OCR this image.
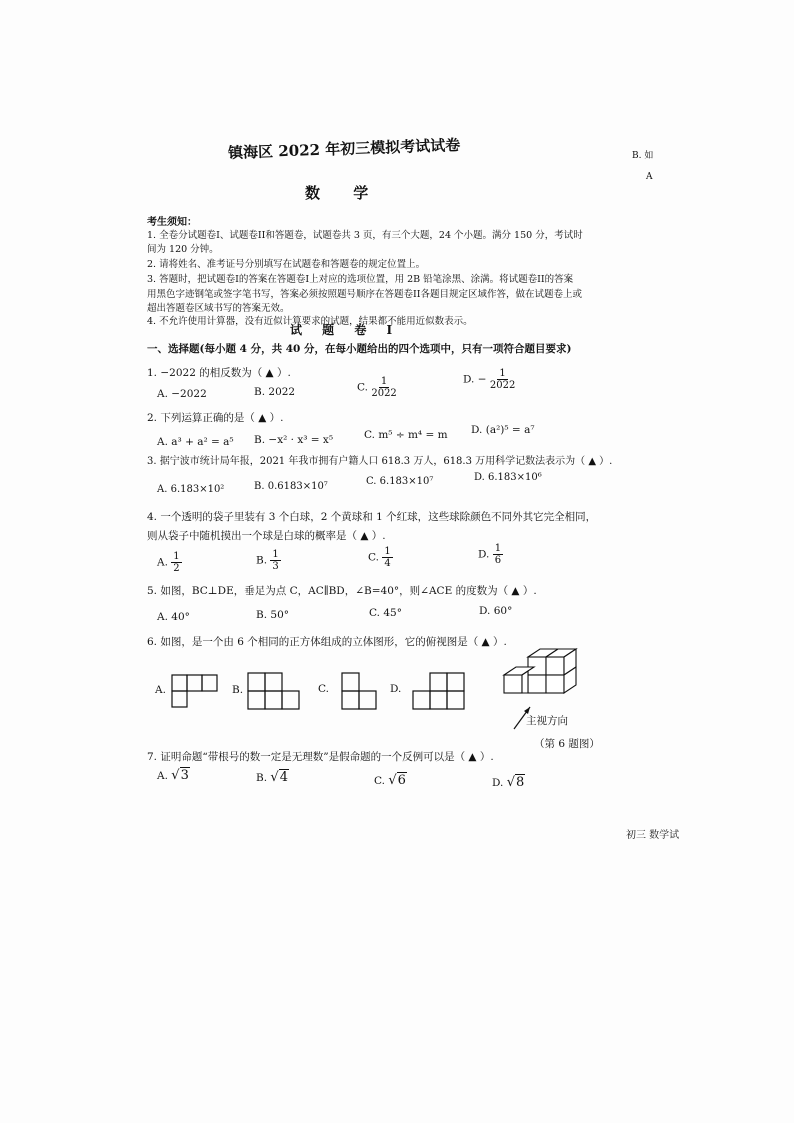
B. 如
A
镇海区 2022 年初三模拟考试试卷
数 学
考生须知：
1. 全卷分试题卷I、试题卷II和答题卷，试题卷共 3 页，有三个大题，24 个小题。满分 150 分，考试时
间为 120 分钟。
2. 请将姓名、准考证号分别填写在试题卷和答题卷的规定位置上。
3. 答题时，把试题卷I的答案在答题卷I上对应的选项位置，用 2B 铅笔涂黑、涂满。将试题卷II的答案
用黑色字迹钢笔或签字笔书写，答案必须按照题号顺序在答题卷II各题目规定区域作答，做在试题卷上或
超出答题卷区域书写的答案无效。
4. 不允许使用计算器，没有近似计算要求的试题，结果都不能用近似数表示。
试 题 卷 I
一、选择题(每小题 4 分，共 40 分，在每小题给出的四个选项中，只有一项符合题目要求)
1. −2022 的相反数为（ ▲ ）.
A. −2022	B. 2022	C. $\frac{1}{2022}$	D. − $\frac{1}{2022}$
2. 下列运算正确的是（ ▲ ）.
A. a³ + a² = a⁵ B. −x² · x³ = x⁵	C. m⁵ ÷ m⁴ = m D. (a²)⁵ = a⁷
3. 据宁波市统计局年报，2021 年我市拥有户籍人口 618.3 万人，618.3 万用科学记数法表示为（ ▲ ）.
A. 6.183×10²	B. 0.6183×10⁷	C. 6.183×10⁷	D. 6.183×10⁶
4. 一个透明的袋子里装有 3 个白球，2 个黄球和 1 个红球，这些球除颜色不同外其它完全相同，
则从袋子中随机摸出一个球是白球的概率是（ ▲ ）.
A. $\frac{1}{2}$	B. $\frac{1}{3}$	C. $\frac{1}{4}$	D. $\frac{1}{6}$
5. 如图，BC⊥DE，垂足为点 C，AC∥BD，∠B=40°，则∠ACE 的度数为（ ▲ ）.
A. 40°	B. 50°	C. 45°	D. 60°
6. 如图，是一个由 6 个相同的正方体组成的立体图形，它的俯视图是（ ▲ ）.
A.	B.	C.	D.
主视方向
（第 6 题图）
7. 证明命题“带根号的数一定是无理数”是假命题的一个反例可以是（ ▲ ）.
A. √3	B. √4	C. √6	D. √8
初三 数学试
